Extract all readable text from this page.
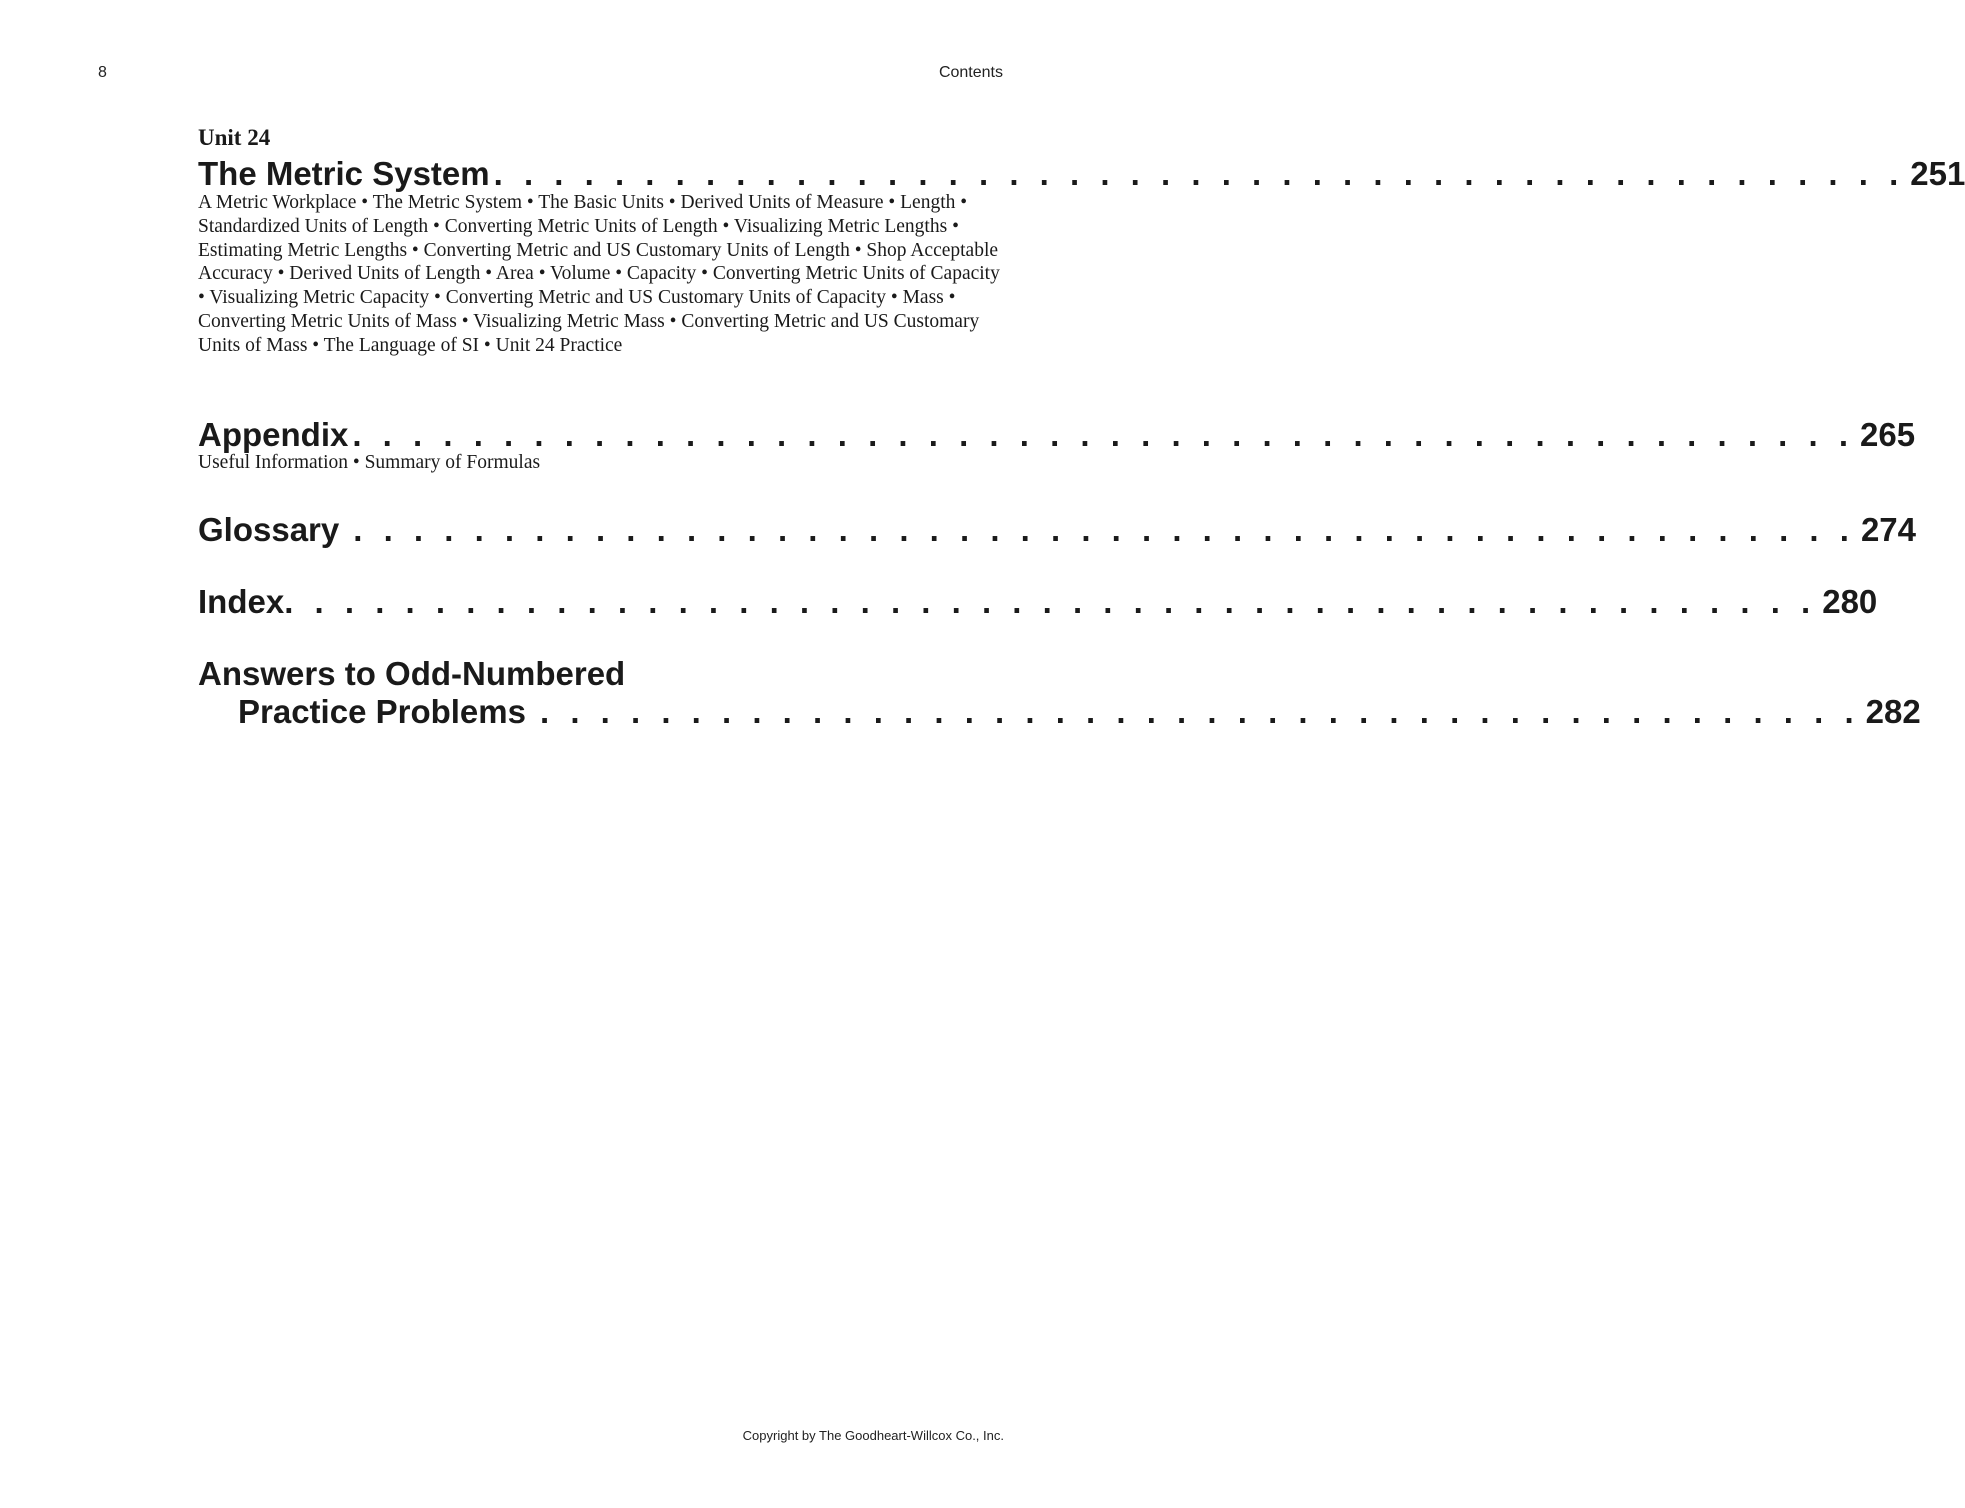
8	Contents
Unit 24
The Metric System . . . . . . . . . . . . . . . . . . . . . . . . . . . . . . . . . . . . . . . . . . . . . . . 251
A Metric Workplace • The Metric System • The Basic Units • Derived Units of Measure • Length • Standardized Units of Length • Converting Metric Units of Length • Visualizing Metric Lengths • Estimating Metric Lengths • Converting Metric and US Customary Units of Length • Shop Acceptable Accuracy • Derived Units of Length • Area • Volume • Capacity • Converting Metric Units of Capacity • Visualizing Metric Capacity • Converting Metric and US Customary Units of Capacity • Mass • Converting Metric Units of Mass • Visualizing Metric Mass • Converting Metric and US Customary Units of Mass • The Language of SI • Unit 24 Practice
Appendix . . . . . . . . . . . . . . . . . . . . . . . . . . . . . . . . . . . . . . . . . . . . . . . . . . 265
Useful Information • Summary of Formulas
Glossary . . . . . . . . . . . . . . . . . . . . . . . . . . . . . . . . . . . . . . . . . . . . . . . . . . 274
Index . . . . . . . . . . . . . . . . . . . . . . . . . . . . . . . . . . . . . . . . . . . . . . . . . . . 280
Answers to Odd-Numbered
Practice Problems . . . . . . . . . . . . . . . . . . . . . . . . . . . . . . . . . . . . . . . . . . . . 282
Copyright by The Goodheart-Willcox Co., Inc.
